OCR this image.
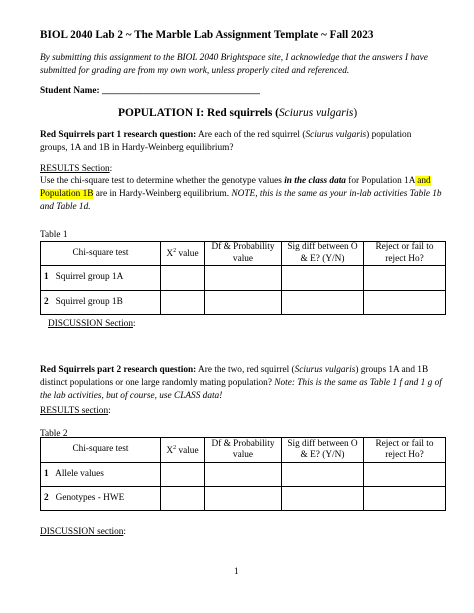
BIOL 2040 Lab 2 ~ The Marble Lab Assignment Template ~ Fall 2023
By submitting this assignment to the BIOL 2040 Brightspace site, I acknowledge that the answers I have submitted for grading are from my own work, unless properly cited and referenced.
Student Name: __________________________________
POPULATION I: Red squirrels (Sciurus vulgaris)
Red Squirrels part 1 research question: Are each of the red squirrel (Sciurus vulgaris) population groups, 1A and 1B in Hardy-Weinberg equilibrium?
RESULTS Section:
Use the chi-square test to determine whether the genotype values in the class data for Population 1A and Population 1B are in Hardy-Weinberg equilibrium. NOTE, this is the same as your in-lab activities Table 1b and Table 1d.
Table 1
Chi-square test	$X^2$ value	Df & Probability value	Sig diff between O & E? (Y/N)	Reject or fail to reject Ho?
1 Squirrel group 1A				
2 Squirrel group 1B				
DISCUSSION Section:
Red Squirrels part 2 research question: Are the two, red squirrel (Sciurus vulgaris) groups 1A and 1B distinct populations or one large randomly mating population? Note: This is the same as Table 1 f and 1 g of the lab activities, but of course, use CLASS data!
RESULTS section:
Table 2
Chi-square test	$X^2$ value	Df & Probability value	Sig diff between O & E? (Y/N)	Reject or fail to reject Ho?
1 Allele values				
2 Genotypes - HWE				
DISCUSSION section:
1
